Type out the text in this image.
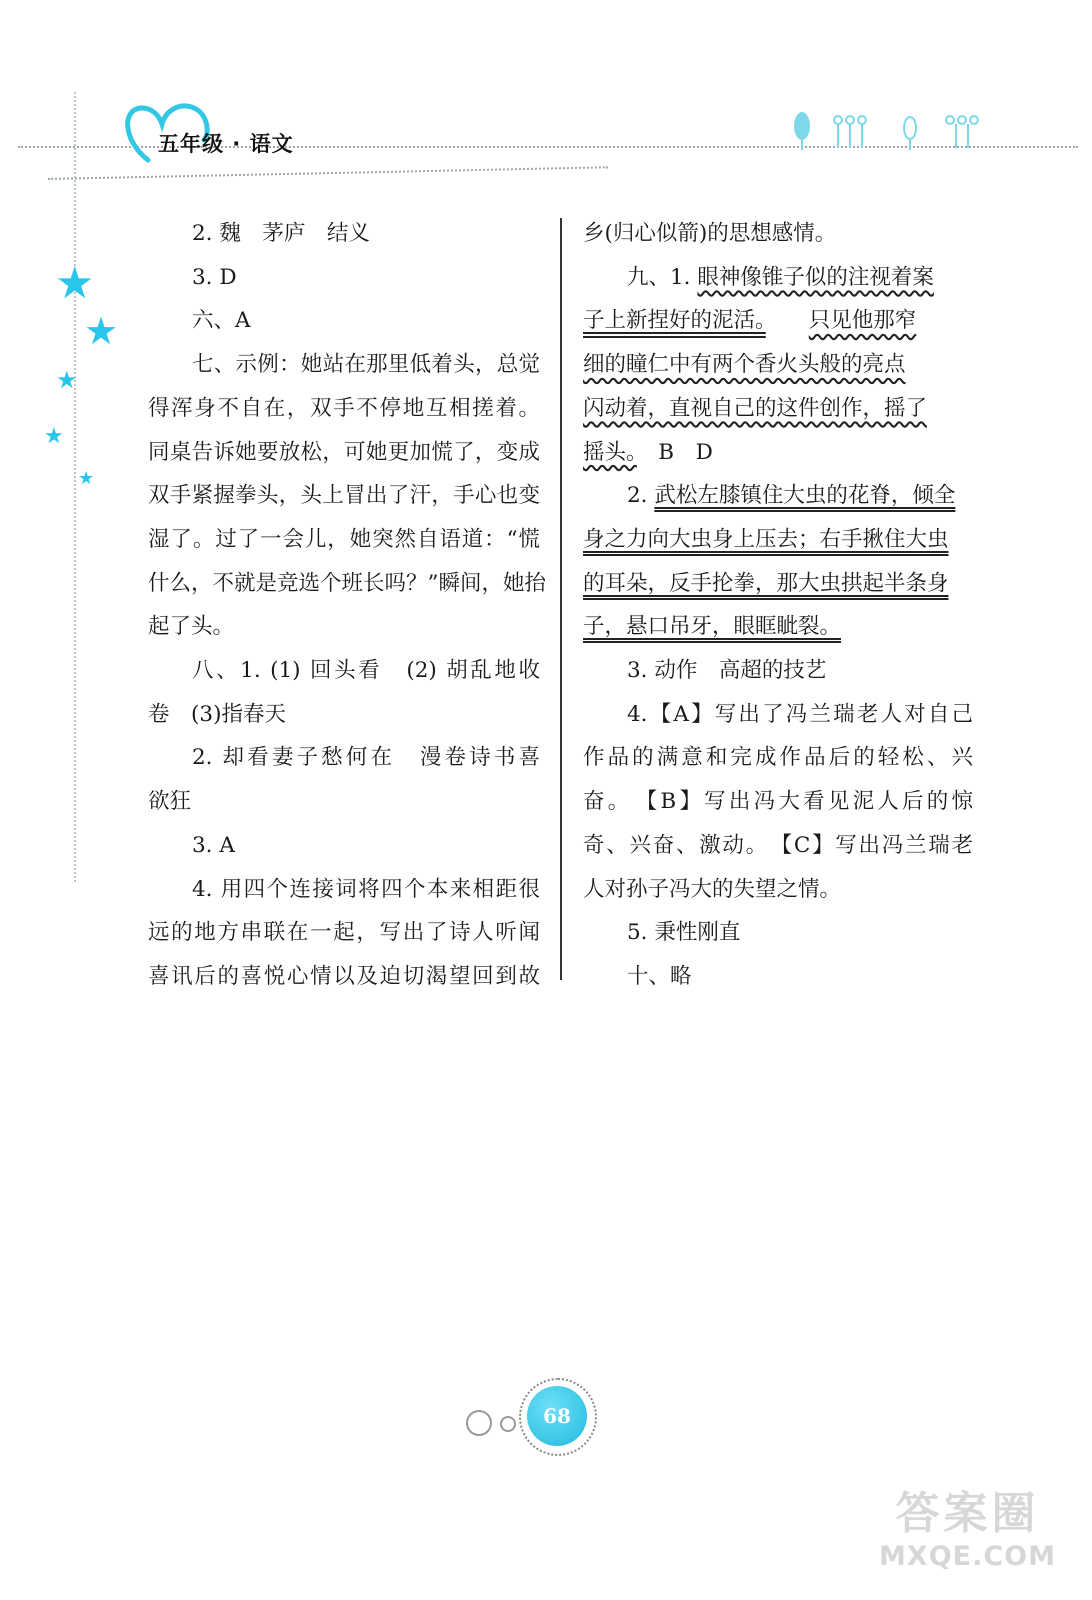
五年级 · 语文
★
★
★
★
★

2. 魏　茅庐　结义

3. D

六、A

七、示例：她站在那里低着头，总觉

得浑身不自在，双手不停地互相搓着。

同桌告诉她要放松，可她更加慌了，变成

双手紧握拳头，头上冒出了汗，手心也变

湿了。过了一会儿，她突然自语道：“慌

什么，不就是竞选个班长吗？”瞬间，她抬

起了头。

八、1. (1) 回头看　(2) 胡乱地收

卷　(3)指春天

2. 却看妻子愁何在　漫卷诗书喜

欲狂

3. A

4. 用四个连接词将四个本来相距很

远的地方串联在一起，写出了诗人听闻

喜讯后的喜悦心情以及迫切渴望回到故

乡(归心似箭)的思想感情。

九、1. 眼神像锥子似的注视着案

子上新捏好的泥活。　　 只见他那窄

细的瞳仁中有两个香火头般的亮点

闪动着，直视自己的这件创作，摇了

摇头。　 B　D

2. 武松左膝镇住大虫的花脊，倾全

身之力向大虫身上压去；右手揪住大虫

的耳朵，反手抡拳，那大虫拱起半条身

子，悬口吊牙，眼眶眦裂。

3. 动作　高超的技艺

4.【A】写出了冯兰瑞老人对自己

作品的满意和完成作品后的轻松、兴

奋。　【B】写出冯大看见泥人后的惊

奇、兴奋、激动。　【C】写出冯兰瑞老

人对孙子冯大的失望之情。

5. 秉性刚直

十、略

68
答案圈
MXQE.COM
